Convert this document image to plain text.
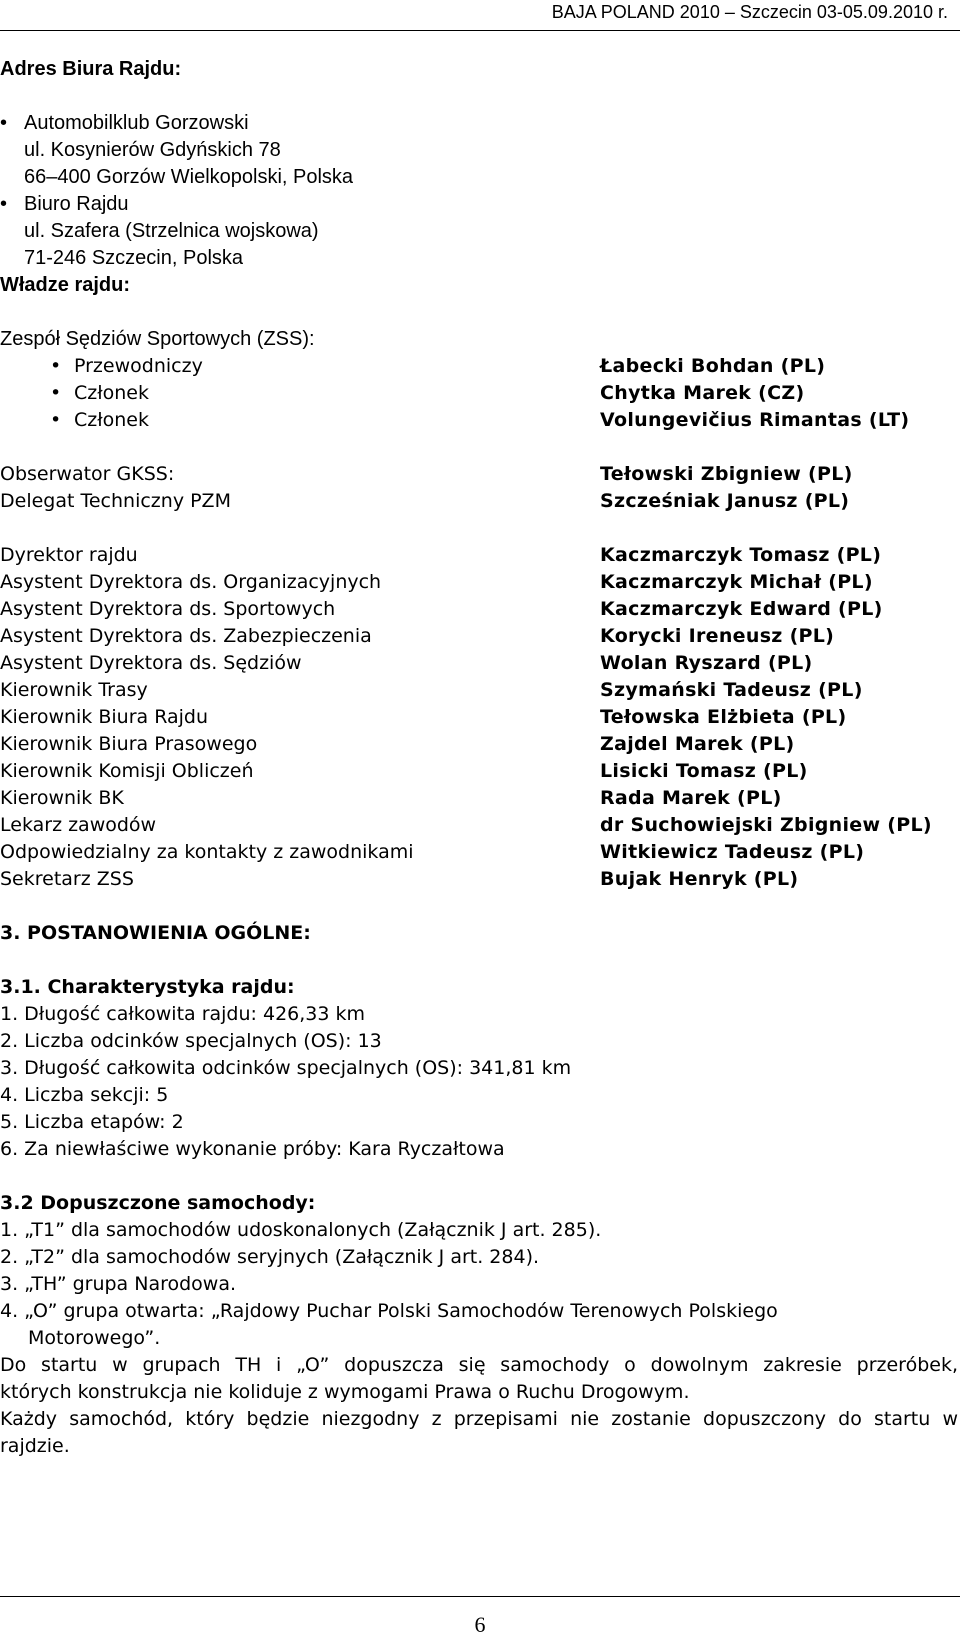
BAJA POLAND 2010 – Szczecin 03-05.09.2010 r.
Adres Biura Rajdu:
• Automobilklub Gorzowski
ul. Kosynierów Gdyńskich 78
66–400 Gorzów Wielkopolski, Polska
• Biuro Rajdu
ul. Szafera (Strzelnica wojskowa)
71-246 Szczecin, Polska
Władze rajdu:
Zespół Sędziów Sportowych (ZSS):
• Przewodniczy	Łabecki Bohdan (PL)
• Członek	Chytka Marek (CZ)
• Członek	Volungevičius Rimantas (LT)
Obserwator GKSS:	Tełowski Zbigniew (PL)
Delegat Techniczny PZM	Szcześniak Janusz (PL)
Dyrektor rajdu	Kaczmarczyk Tomasz (PL)
Asystent Dyrektora ds. Organizacyjnych	Kaczmarczyk Michał (PL)
Asystent Dyrektora ds. Sportowych	Kaczmarczyk Edward (PL)
Asystent Dyrektora ds. Zabezpieczenia	Korycki Ireneusz (PL)
Asystent Dyrektora ds. Sędziów	Wolan Ryszard (PL)
Kierownik Trasy	Szymański Tadeusz (PL)
Kierownik Biura Rajdu	Tełowska Elżbieta (PL)
Kierownik Biura Prasowego	Zajdel Marek (PL)
Kierownik Komisji Obliczeń	Lisicki Tomasz (PL)
Kierownik BK	Rada Marek (PL)
Lekarz zawodów	dr Suchowiejski Zbigniew (PL)
Odpowiedzialny za kontakty z zawodnikami	Witkiewicz Tadeusz (PL)
Sekretarz ZSS	Bujak Henryk (PL)
3. POSTANOWIENIA OGÓLNE:
3.1. Charakterystyka rajdu:
1. Długość całkowita rajdu: 426,33 km
2. Liczba odcinków specjalnych (OS): 13
3. Długość całkowita odcinków specjalnych (OS): 341,81 km
4. Liczba sekcji: 5
5. Liczba etapów: 2
6. Za niewłaściwe wykonanie próby: Kara Ryczałtowa
3.2 Dopuszczone samochody:
1. „T1” dla samochodów udoskonalonych (Załącznik J art. 285).
2. „T2” dla samochodów seryjnych (Załącznik J art. 284).
3. „TH” grupa Narodowa.
4. „O” grupa otwarta: „Rajdowy Puchar Polski Samochodów Terenowych Polskiego
Motorowego”.
Do startu w grupach TH i „O” dopuszcza się samochody o dowolnym zakresie przeróbek,
których konstrukcja nie koliduje z wymogami Prawa o Ruchu Drogowym.
Każdy samochód, który będzie niezgodny z przepisami nie zostanie dopuszczony do startu w
rajdzie.
6
